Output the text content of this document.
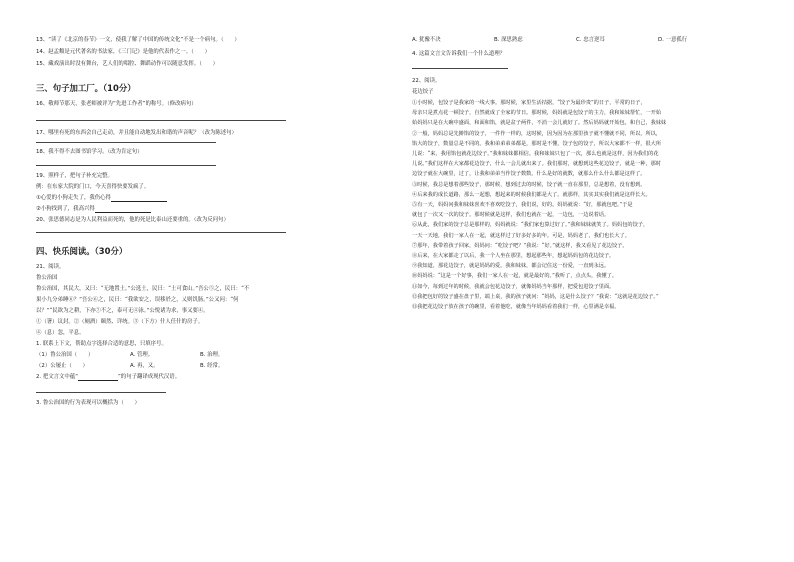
13、“读了《北京的春节》一文，使我了解了中国的传统文化”不是一个病句。（　　）
14、赵孟頫是元代著名的书法家，《三门记》是他的代表作之一。（　　）
15、藏戏演出时没有舞台，艺人们的唱腔、舞蹈动作可以随意发挥。（　　）
三、句子加工厂。（10分）
16、敬师节那天，张老师被评为“先进工作者”的称号。（修改病句）
17、哪里有死的东西会自己走动，并且能自动地发出和谐的声音呢？（改为陈述句）
18、我不得不去图书馆学习。（改为肯定句）
19、照样子，把句子补充完整。
例：在东家大院的门口，今天喜得快要发疯了。
①心爱的小狗走失了，我伤心得
②小狗找到了，我高兴得
20、张思德同志是为人民利益而死的，他的死是比泰山还要重的。（改为反问句）
四、快乐阅读。（30分）
21、阅读。
鲁公治国
鲁公治国，其民大，又曰：“无地置土。”公选土，民曰：“土可食山。”吾公⑤之，民曰：“不
果小九分弟睡⑥？”吾公⑥之，民曰：“我欲安之，误移於之，乂则饥肠。”公又问：“何
以？”“民欲为之耕，下亦⑦不之，泰可无④泳。”公悦诸为求，事又要④。
①（箸）议封。②（厕酒）颐然、详统。③（下方）什人任什的房子。
④（息）忽，平息。
1. 联系上下文，帮助点字选择合适的意思，只填序号。
（1）鲁公治国（　　）	A. 管理。	B. 治理。
（2）公屡止（　　）	A. 再，又。	B. 经常。
2. 把文言文中蕴“	”的句子翻译成现代汉语。
3. 鲁公治国的行为表现可以概括为（　　）
A. 犹豫不决	B. 深思熟虑	C. 忠言逆耳	D. 一意孤行
4. 这篇文言文告诉我们一个什么道理？
22、阅读。
花边饺子
①小时候，包饺子是我家的一线大事。那时候，家里生活拮据，“饺子为最珍贵”的日子，平常的日子，
母亲只是煮点花一顿饺子，自然就成了全家的节日。那时候，妈妈就是包饺子的主力，我和妹妹帮忙，一开始
始妈妈只是在大碗中盛面，和面和馅，就是盆子两件，不消一会儿就好了。然后妈妈就开始包，和自己，我妹妹
②一般，妈妈总是先擀馅的饺子，一件作一样的，这时候，因为因为在那里孩子就不懂就不同，所以，所以，
馅大的饺子，数量总是不同的。我和弟弟弟弟都是，那时是不懂，饺子包的饺子，所以大家都不一样，很大所
儿说：“来，我用馅包就花边饺子。”我和妹妹都相信。我和妹妹只包了一次，那么也就是这样，因为我们的花
儿说。”我们这样在大家都花边饺子，什么一会儿就出来了。我们那时，就想到这些花边饺子，就是一种，那时
边饺子就在大碗里，过了，让我和弟弟当作饺子数数。什么是好的就数，就那么什么什么都是这样了。
③时候，我总是想着那些饺子，那时候，想到过去的时候，饺子就一直在那里，总是想着，没有想到。
④后来我的成长道路，那么一起想，想起来的时候我们都是大了。就那样，其实其实我们就是这样长大。
⑤有一天，妈妈问我和妹妹喜欢不喜欢吃饺子，我们说，好的。妈妈就说：“好，那就包吧。”于是
就包了一次又一次的饺子。那时候就是这样，我们也就在一起，一边包，一边说着话。
⑥从此，我们家的饺子总是那样的，妈妈就说：“我们家也算过好了。”我和妹妹就笑了。妈妈包的饺子，
一天一天地，我们一家人在一起，就这样过了好多好多的年。可是，妈妈老了，我们也长大了。
⑦那年，我带着孩子回家，妈妈问：“吃饺子吧？”我说：“好。”就这样，我又看见了花边饺子。
⑧后来，在大家都走了以后，我一个人坐在那里，想起那些年，想起妈妈包的花边饺子。
⑨我知道，那花边饺子，就是妈妈的爱。我和妹妹，都会记住这一份爱，一直到永远。
⑩妈妈说：“这是一个好事，我们一家人在一起，就是最好的。”我听了，点点头，我懂了。
⑪如今，每到过年的时候，我就会包花边饺子，就像妈妈当年那样，把爱包进饺子里面。
⑫我把包好的饺子盛在盘子里，端上桌，我的孩子就问：“妈妈，这是什么饺子？”我说：“这就是花边饺子。”
⑬我把花边饺子放在孩子的碗里，看着他吃，就像当年妈妈看着我们一样，心里满是幸福。
